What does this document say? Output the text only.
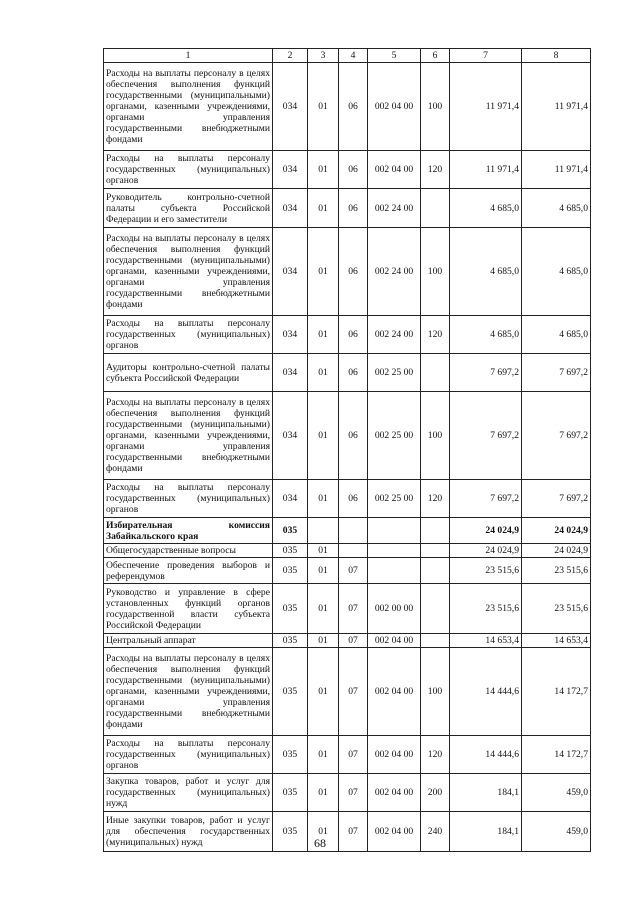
1	2	3	4	5	6	7	8
Расходы на выплаты персоналу в целях обеспечения выполнения функций государственными (муниципальными) органами, казенными учреждениями, органами управления государственными внебюджетными фондами	034	01	06	002 04 00	100	11 971,4	11 971,4
Расходы на выплаты персоналу государственных (муниципальных) органов	034	01	06	002 04 00	120	11 971,4	11 971,4
Руководитель контрольно-счетной палаты субъекта Российской Федерации и его заместители	034	01	06	002 24 00		4 685,0	4 685,0
Расходы на выплаты персоналу в целях обеспечения выполнения функций государственными (муниципальными) органами, казенными учреждениями, органами управления государственными внебюджетными фондами	034	01	06	002 24 00	100	4 685,0	4 685,0
Расходы на выплаты персоналу государственных (муниципальных) органов	034	01	06	002 24 00	120	4 685,0	4 685,0
Аудиторы контрольно-счетной палаты субъекта Российской Федерации	034	01	06	002 25 00		7 697,2	7 697,2
Расходы на выплаты персоналу в целях обеспечения выполнения функций государственными (муниципальными) органами, казенными учреждениями, органами управления государственными внебюджетными фондами	034	01	06	002 25 00	100	7 697,2	7 697,2
Расходы на выплаты персоналу государственных (муниципальных) органов	034	01	06	002 25 00	120	7 697,2	7 697,2
Избирательная комиссия Забайкальского края	035					24 024,9	24 024,9
Общегосударственные вопросы	035	01				24 024,9	24 024,9
Обеспечение проведения выборов и референдумов	035	01	07			23 515,6	23 515,6
Руководство и управление в сфере установленных функций органов государственной власти субъекта Российской Федерации	035	01	07	002 00 00		23 515,6	23 515,6
Центральный аппарат	035	01	07	002 04 00		14 653,4	14 653,4
Расходы на выплаты персоналу в целях обеспечения выполнения функций государственными (муниципальными) органами, казенными учреждениями, органами управления государственными внебюджетными фондами	035	01	07	002 04 00	100	14 444,6	14 172,7
Расходы на выплаты персоналу государственных (муниципальных) органов	035	01	07	002 04 00	120	14 444,6	14 172,7
Закупка товаров, работ и услуг для государственных (муниципальных) нужд	035	01	07	002 04 00	200	184,1	459,0
Иные закупки товаров, работ и услуг для обеспечения государственных (муниципальных) нужд	035	01	07	002 04 00	240	184,1	459,0
68
